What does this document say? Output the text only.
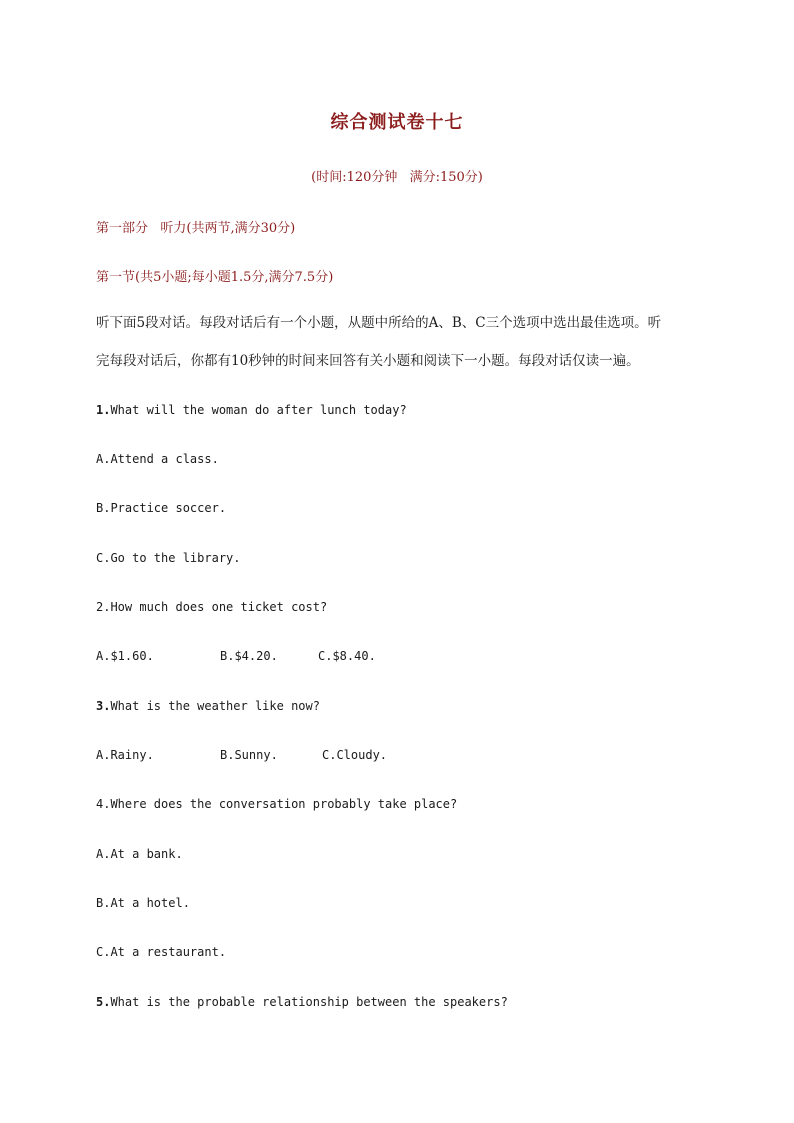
综合测试卷十七
(时间:120分钟 满分:150分)
第一部分   听力(共两节,满分30分)
第一节(共5小题;每小题1.5分,满分7.5分)
听下面5段对话。每段对话后有一个小题，从题中所给的A、B、C三个选项中选出最佳选项。听
完每段对话后，你都有10秒钟的时间来回答有关小题和阅读下一小题。每段对话仅读一遍。
1.What will the woman do after lunch today?
A.Attend a class.
B.Practice soccer.
C.Go to the library.
2.How much does one ticket cost?
A.$1.60.	B.$4.20.	C.$8.40.
3.What is the weather like now?
A.Rainy.	B.Sunny.	C.Cloudy.
4.Where does the conversation probably take place?
A.At a bank.
B.At a hotel.
C.At a restaurant.
5.What is the probable relationship between the speakers?
